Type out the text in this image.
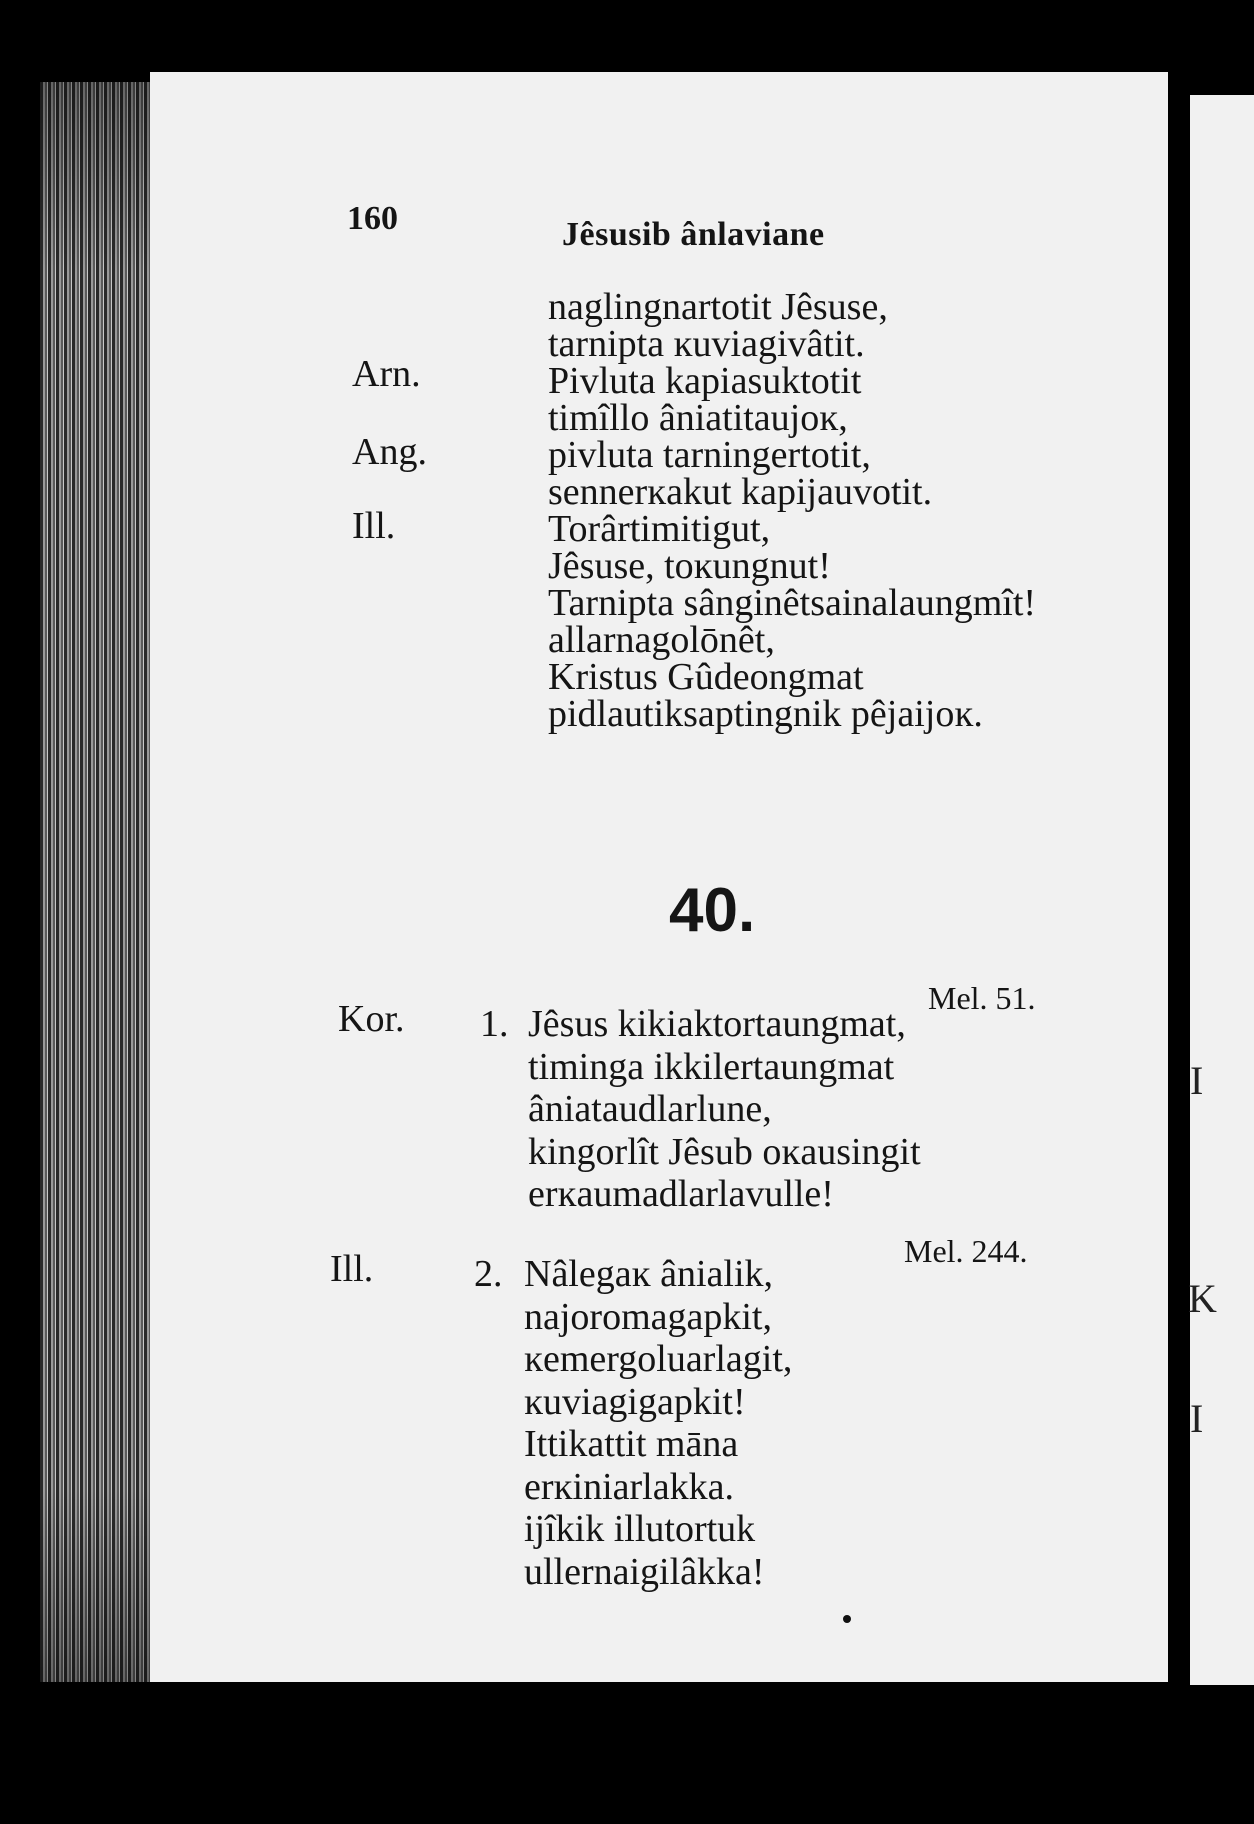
I
K
I
160	Jêsusib ânlaviane
Arn.
Ang.
Ill.
naglingnartotit Jêsuse,
tarnipta ĸuviagivâtit.
Pivluta kapiasuktotit
timîllo âniatitaujoĸ,
pivluta tarningertotit,
sennerĸakut kapijauvotit.
Torârtimitigut,
Jêsuse, toĸungnut!
Tarnipta sânginêtsainalaungmît!
allarnagolōnêt,
Kristus Gûdeongmat
pidlautiksaptingnik pêjaijoĸ.
40.
Mel. 51.
Kor. 1. Jêsus kikiaktortaungmat,
timinga ikkilertaungmat
âniataudlarlune,
kingorlît Jêsub oĸausingit
erĸaumadlarlavulle!
Mel. 244.
Ill.	2. Nâlegaĸ ânialik,
najoromagapkit,
ĸemergoluarlagit,
ĸuviagigapkit!
Ittikattit māna
erĸiniarlakka.
ijîkik illutortuk
ullernaigilâkka!
